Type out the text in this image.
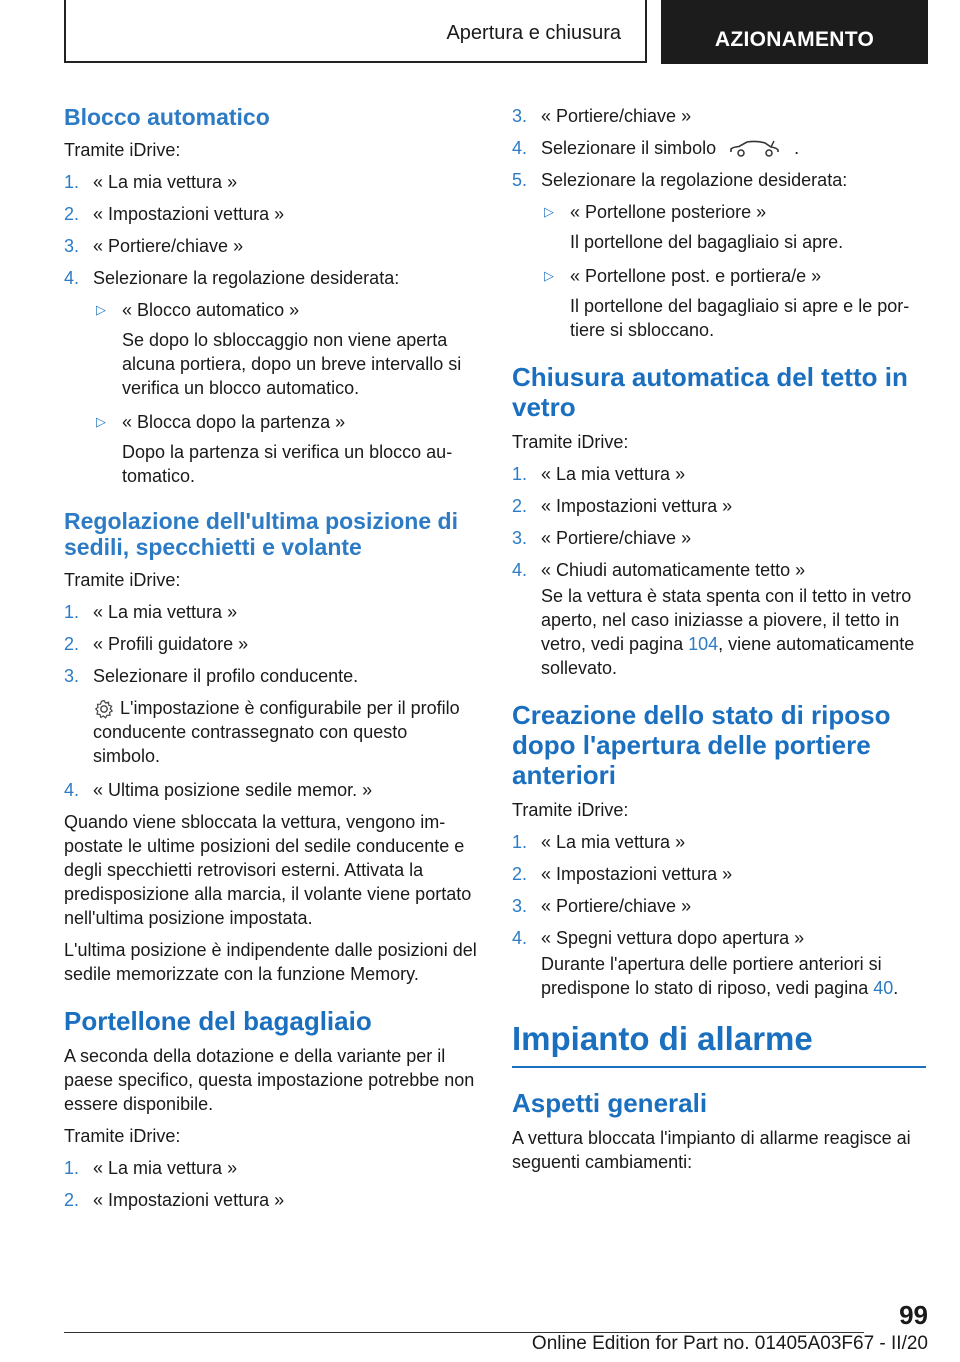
Apertura e chiusura	AZIONAMENTO
Blocco automatico

Tramite iDrive:

1. « La mia vettura »
2. « Impostazioni vettura »
3. « Portiere/chiave »
4. Selezionare la regolazione desiderata:
▷ « Blocco automatico »
Se dopo lo sbloccaggio non viene aperta alcuna portiera, dopo un breve intervallo si verifica un blocco automatico.
▷ « Blocca dopo la partenza »
Dopo la partenza si verifica un blocco automatico.
Regolazione dell'ultima posizione di sedili, specchietti e volante

Tramite iDrive:

1. « La mia vettura »
2. « Profili guidatore »
3. Selezionare il profilo conducente.
L'impostazione è configurabile per il profilo conducente contrassegnato con questo simbolo.
4. « Ultima posizione sedile memor. »

Quando viene sbloccata la vettura, vengono impostate le ultime posizioni del sedile conducente e degli specchietti retrovisori esterni. Attivata la predisposizione alla marcia, il volante viene portato nell'ultima posizione impostata.

L'ultima posizione è indipendente dalle posizioni del sedile memorizzate con la funzione Memory.

Portellone del bagagliaio

A seconda della dotazione e della variante per il paese specifico, questa impostazione potrebbe non essere disponibile.

Tramite iDrive:

1. « La mia vettura »
2. « Impostazioni vettura »
3. « Portiere/chiave »
4. Selezionare il simbolo	.
5. Selezionare la regolazione desiderata:
▷ « Portellone posteriore »
Il portellone del bagagliaio si apre.
▷ « Portellone post. e portiera/e »
Il portellone del bagagliaio si apre e le portiere si sbloccano.
Chiusura automatica del tetto in vetro

Tramite iDrive:

1. « La mia vettura »
2. « Impostazioni vettura »
3. « Portiere/chiave »
4. « Chiudi automaticamente tetto »
Se la vettura è stata spenta con il tetto in vetro aperto, nel caso iniziasse a piovere, il tetto in vetro, vedi pagina 104, viene automaticamente sollevato.
Creazione dello stato di riposo dopo l'apertura delle portiere anteriori

Tramite iDrive:

1. « La mia vettura »
2. « Impostazioni vettura »
3. « Portiere/chiave »
4. « Spegni vettura dopo apertura »
Durante l'apertura delle portiere anteriori si predispone lo stato di riposo, vedi pagina 40.
Impianto di allarme
Aspetti generali

A vettura bloccata l'impianto di allarme reagisce ai seguenti cambiamenti:

99
Online Edition for Part no. 01405A03F67 - II/20
